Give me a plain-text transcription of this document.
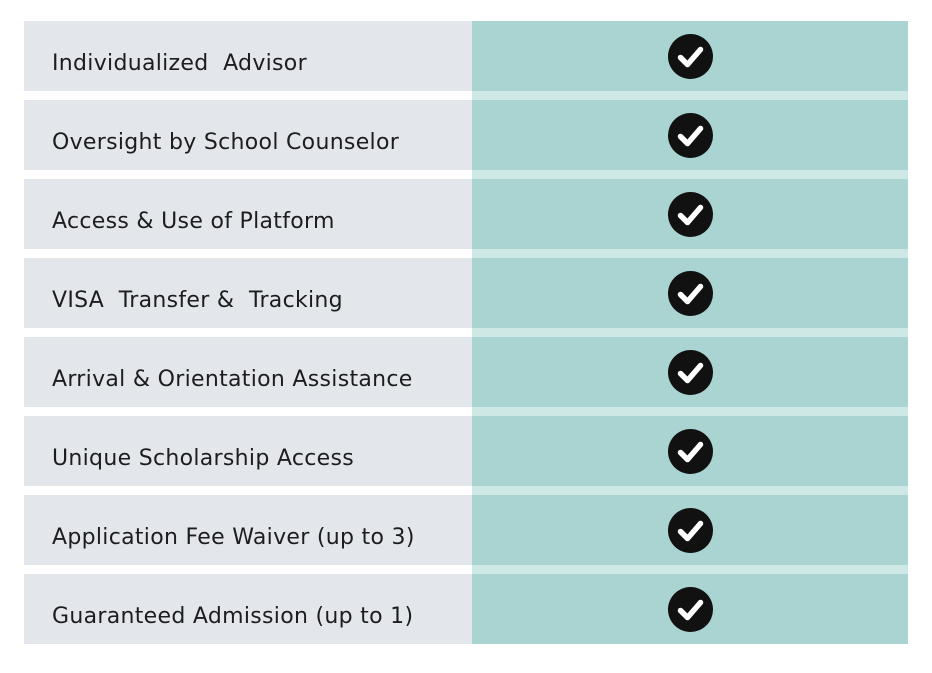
Individualized  Advisor
Oversight by School Counselor
Access & Use of Platform
VISA  Transfer &  Tracking
Arrival & Orientation Assistance
Unique Scholarship Access
Application Fee Waiver (up to 3)
Guaranteed Admission (up to 1)
